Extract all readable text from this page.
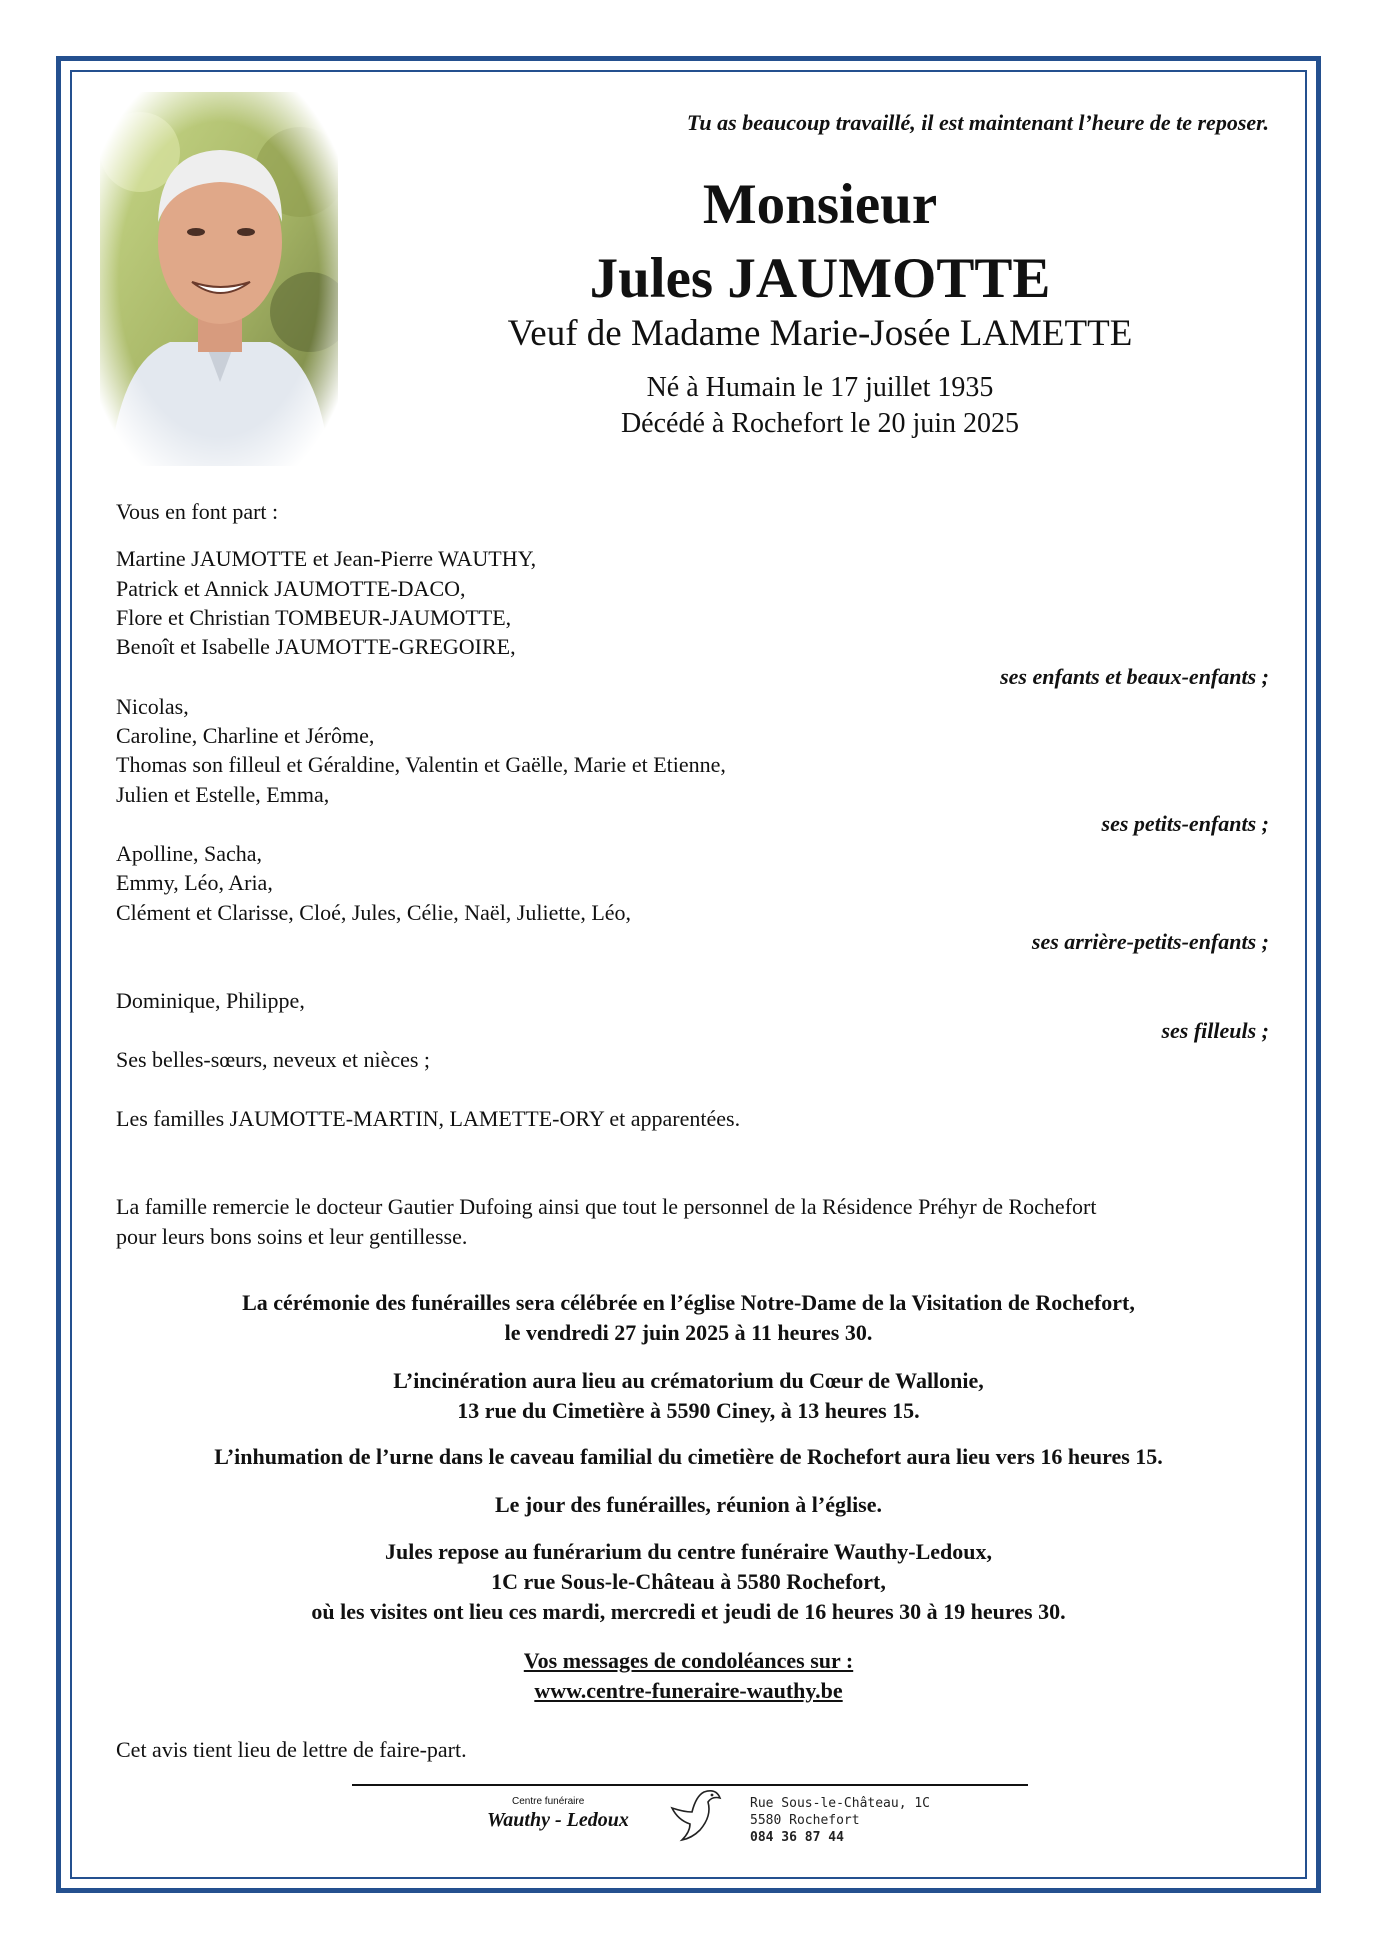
Tu as beaucoup travaillé, il est maintenant l’heure de te reposer.
Monsieur
Jules JAUMOTTE
Veuf de Madame Marie-Josée LAMETTE
Né à Humain le 17 juillet 1935
Décédé à Rochefort le 20 juin 2025
Vous en font part :
Martine JAUMOTTE et Jean-Pierre WAUTHY,
Patrick et Annick JAUMOTTE-DACO,
Flore et Christian TOMBEUR-JAUMOTTE,
Benoît et Isabelle JAUMOTTE-GREGOIRE,
ses enfants et beaux-enfants ;
Nicolas,
Caroline, Charline et Jérôme,
Thomas son filleul et Géraldine, Valentin et Gaëlle, Marie et Etienne,
Julien et Estelle, Emma,
ses petits-enfants ;
Apolline, Sacha,
Emmy, Léo, Aria,
Clément et Clarisse, Cloé, Jules, Célie, Naël, Juliette, Léo,
ses arrière-petits-enfants ;
Dominique, Philippe,
ses filleuls ;
Ses belles-sœurs, neveux et nièces ;
Les familles JAUMOTTE-MARTIN, LAMETTE-ORY et apparentées.
La famille remercie le docteur Gautier Dufoing ainsi que tout le personnel de la Résidence Préhyr de Rochefort
pour leurs bons soins et leur gentillesse.
La cérémonie des funérailles sera célébrée en l’église Notre-Dame de la Visitation de Rochefort,
le vendredi 27 juin 2025 à 11 heures 30.
L’incinération aura lieu au crématorium du Cœur de Wallonie,
13 rue du Cimetière à 5590 Ciney, à 13 heures 15.
L’inhumation de l’urne dans le caveau familial du cimetière de Rochefort aura lieu vers 16 heures 15.
Le jour des funérailles, réunion à l’église.
Jules repose au funérarium du centre funéraire Wauthy-Ledoux,
1C rue Sous-le-Château à 5580 Rochefort,
où les visites ont lieu ces mardi, mercredi et jeudi de 16 heures 30 à 19 heures 30.
Vos messages de condoléances sur :
www.centre-funeraire-wauthy.be
Cet avis tient lieu de lettre de faire-part.
Centre funéraire
Wauthy - Ledoux
Rue Sous-le-Château, 1C
5580 Rochefort
084 36 87 44
